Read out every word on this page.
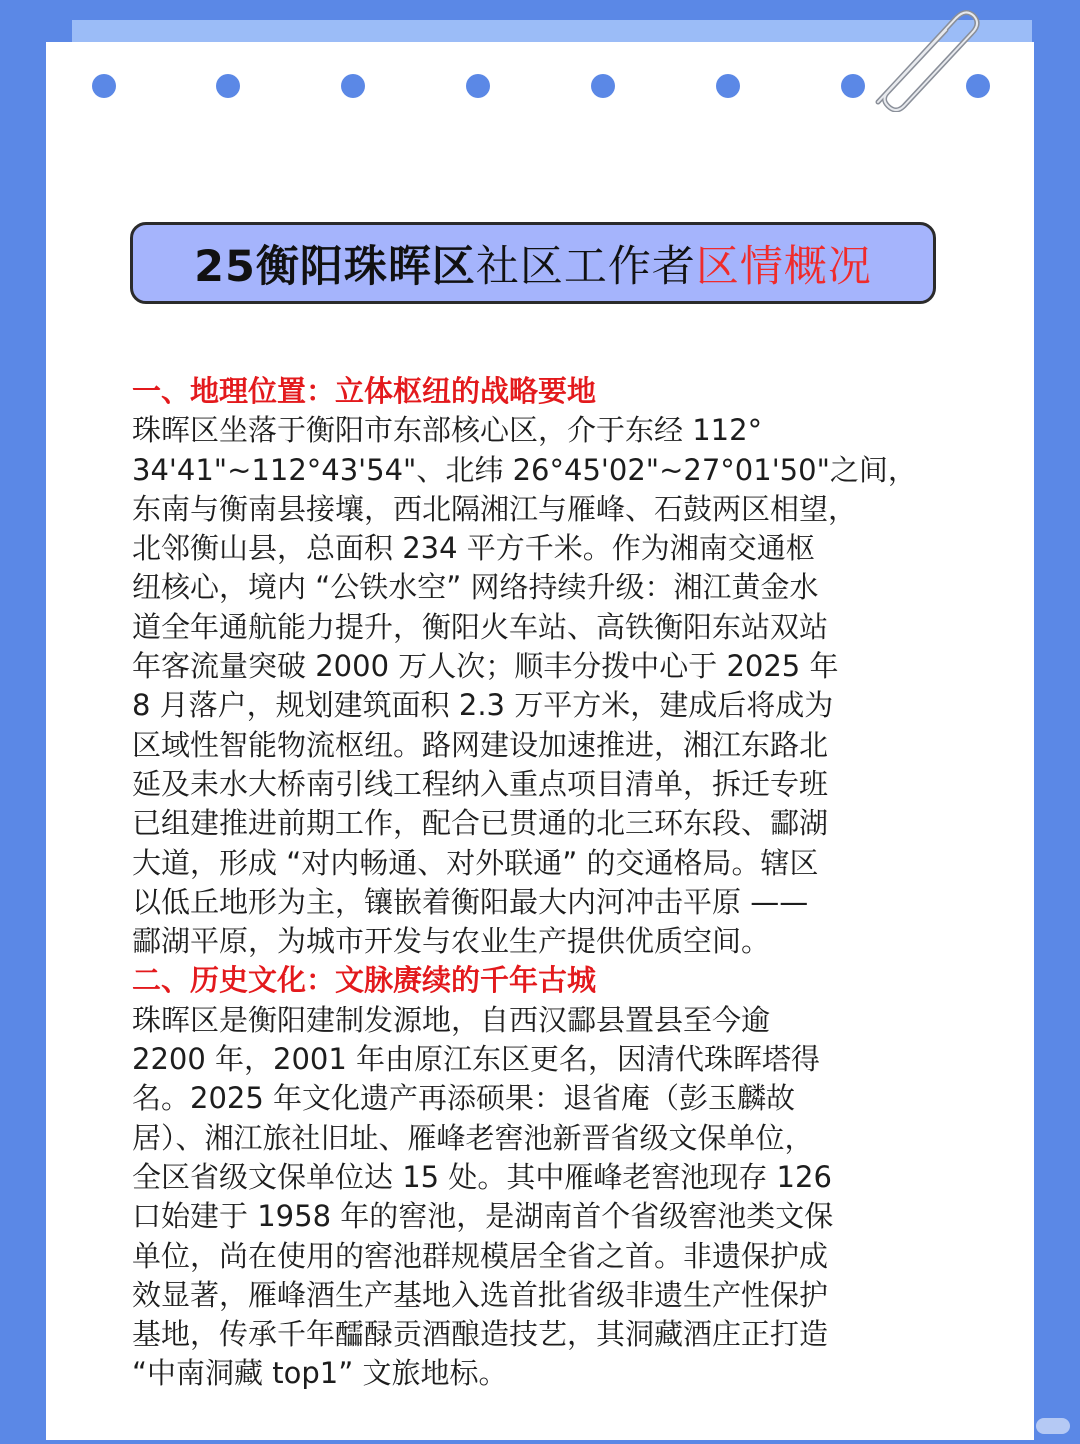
25衡阳珠晖区 社区工作者 区情概况
一、地理位置：立体枢纽的战略要地
珠晖区坐落于衡阳市东部核心区，介于东经 112°
34'41"~112°43'54"、北纬 26°45'02"~27°01'50"之间，
东南与衡南县接壤，西北隔湘江与雁峰、石鼓两区相望，
北邻衡山县，总面积 234 平方千米。作为湘南交通枢
纽核心，境内 “公铁水空” 网络持续升级：湘江黄金水
道全年通航能力提升，衡阳火车站、高铁衡阳东站双站
年客流量突破 2000 万人次；顺丰分拨中心于 2025 年
8 月落户，规划建筑面积 2.3 万平方米，建成后将成为
区域性智能物流枢纽。路网建设加速推进，湘江东路北
延及耒水大桥南引线工程纳入重点项目清单，拆迁专班
已组建推进前期工作，配合已贯通的北三环东段、酃湖
大道，形成 “对内畅通、对外联通” 的交通格局。辖区
以低丘地形为主，镶嵌着衡阳最大内河冲击平原 ——
酃湖平原，为城市开发与农业生产提供优质空间。
二、历史文化：文脉赓续的千年古城
珠晖区是衡阳建制发源地，自西汉酃县置县至今逾
2200 年，2001 年由原江东区更名，因清代珠晖塔得
名。2025 年文化遗产再添硕果：退省庵（彭玉麟故
居）、湘江旅社旧址、雁峰老窖池新晋省级文保单位，
全区省级文保单位达 15 处。其中雁峰老窖池现存 126
口始建于 1958 年的窖池，是湖南首个省级窖池类文保
单位，尚在使用的窖池群规模居全省之首。非遗保护成
效显著，雁峰酒生产基地入选首批省级非遗生产性保护
基地，传承千年醽醁贡酒酿造技艺，其洞藏酒庄正打造
“中南洞藏 top1” 文旅地标。
